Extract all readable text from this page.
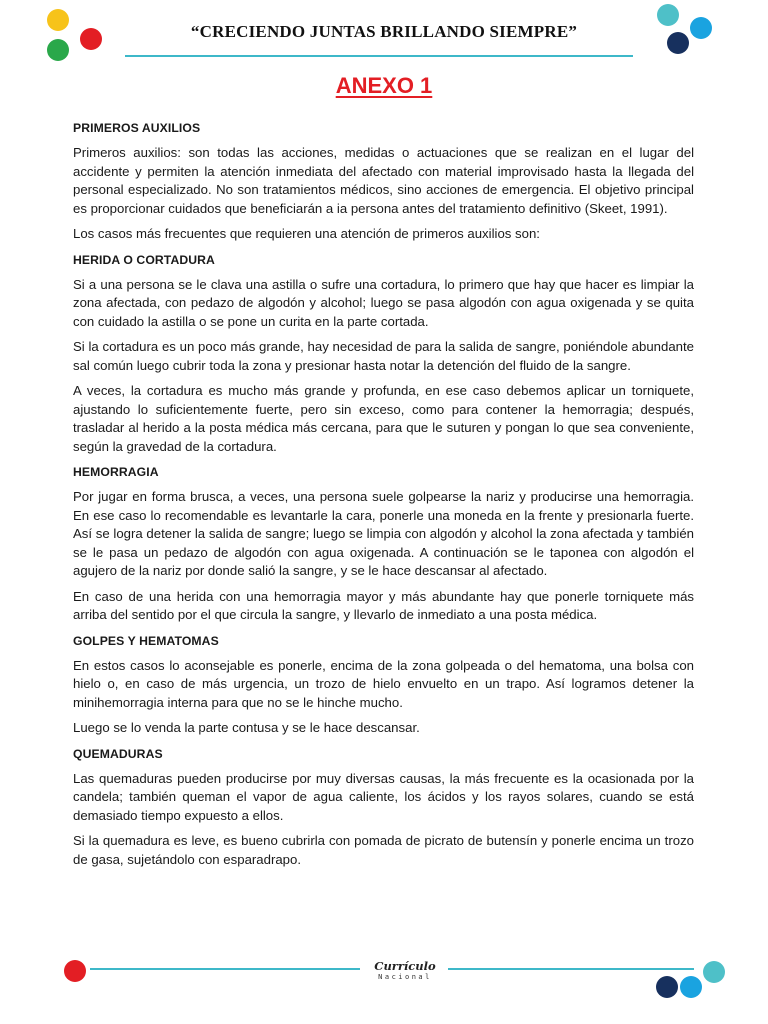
“CRECIENDO JUNTAS BRILLANDO SIEMPRE”
ANEXO 1
PRIMEROS AUXILIOS

Primeros auxilios: son todas las acciones, medidas o actuaciones que se realizan en el lugar del accidente y permiten la atención inmediata del afectado con material improvisado hasta la llegada del personal especializado. No son tratamientos médicos, sino acciones de emergencia. El objetivo principal es proporcionar cuidados que beneficiarán a ia persona antes del tratamiento definitivo (Skeet, 1991).

Los casos más frecuentes que requieren una atención de primeros auxilios son:

HERIDA O CORTADURA

Si a una persona se le clava una astilla o sufre una cortadura, lo primero que hay que hacer es limpiar la zona afectada, con pedazo de algodón y alcohol; luego se pasa algodón con agua oxigenada y se quita con cuidado la astilla o se pone un curita en la parte cortada.

Si la cortadura es un poco más grande, hay necesidad de para la salida de sangre, poniéndole abundante sal común luego cubrir toda la zona y presionar hasta notar la detención del fluido de la sangre.

A veces, la cortadura es mucho más grande y profunda, en ese caso debemos aplicar un torniquete, ajustando lo suficientemente fuerte, pero sin exceso, como para contener la hemorragia; después, trasladar al herido a la posta médica más cercana, para que le suturen y pongan lo que sea conveniente, según la gravedad de la cortadura.

HEMORRAGIA

Por jugar en forma brusca, a veces, una persona suele golpearse la nariz y producirse una hemorragia. En ese caso lo recomendable es levantarle la cara, ponerle una moneda en la frente y presionarla fuerte. Así se logra detener la salida de sangre; luego se limpia con algodón y alcohol la zona afectada y también se le pasa un pedazo de algodón con agua oxigenada. A continuación se le taponea con algodón el agujero de la nariz por donde salió la sangre, y se le hace descansar al afectado.

En caso de una herida con una hemorragia mayor y más abundante hay que ponerle torniquete más arriba del sentido por el que circula la sangre, y llevarlo de inmediato a una posta médica.

GOLPES Y HEMATOMAS

En estos casos lo aconsejable es ponerle, encima de la zona golpeada o del hematoma, una bolsa con hielo o, en caso de más urgencia, un trozo de hielo envuelto en un trapo. Así logramos detener la minihemorragia interna para que no se le hinche mucho.

Luego se lo venda la parte contusa y se le hace descansar.

QUEMADURAS

Las quemaduras pueden producirse por muy diversas causas, la más frecuente es la ocasionada por la candela; también queman el vapor de agua caliente, los ácidos y los rayos solares, cuando se está demasiado tiempo expuesto a ellos.

Si la quemadura es leve, es bueno cubrirla con pomada de picrato de butensín y ponerle encima un trozo de gasa, sujetándolo con esparadrapo.

Currículo
Nacional
